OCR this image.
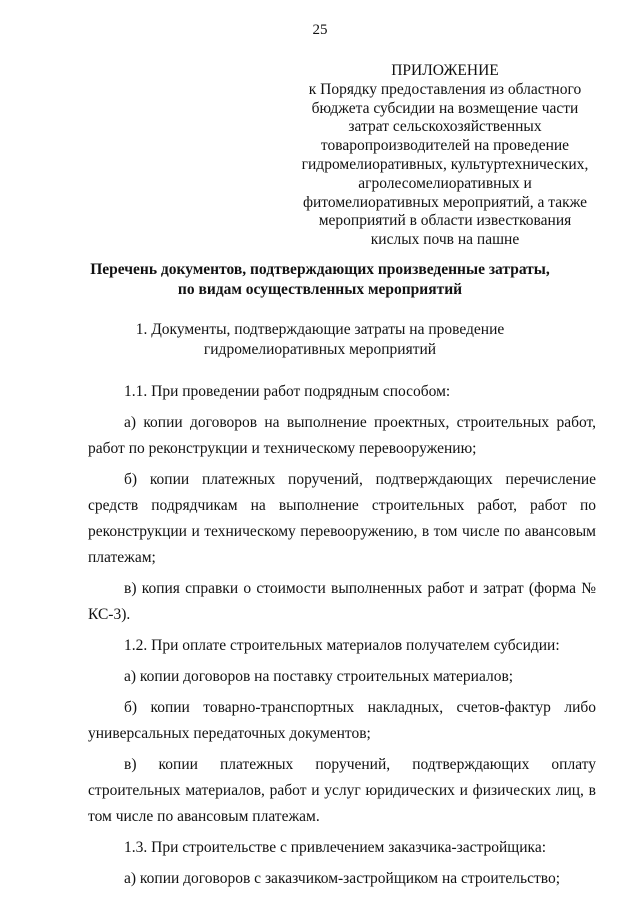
25
ПРИЛОЖЕНИЕ
к Порядку предоставления из областного
бюджета субсидии на возмещение части
затрат сельскохозяйственных
товаропроизводителей на проведение
гидромелиоративных, культуртехнических,
агролесомелиоративных и
фитомелиоративных мероприятий, а также
мероприятий в области известкования
кислых почв на пашне
Перечень документов, подтверждающих произведенные затраты,
по видам осуществленных мероприятий
1. Документы, подтверждающие затраты на проведение
гидромелиоративных мероприятий

1.1. При проведении работ подрядным способом:

а) копии договоров на выполнение проектных, строительных работ, работ по реконструкции и техническому перевооружению;

б) копии платежных поручений, подтверждающих перечисление средств подрядчикам на выполнение строительных работ, работ по реконструкции и техническому перевооружению, в том числе по авансовым платежам;

в) копия справки о стоимости выполненных работ и затрат (форма № КС-3).

1.2. При оплате строительных материалов получателем субсидии:

а) копии договоров на поставку строительных материалов;

б) копии товарно-транспортных накладных, счетов-фактур либо универсальных передаточных документов;

в) копии платежных поручений, подтверждающих оплату строительных материалов, работ и услуг юридических и физических лиц, в том числе по авансовым платежам.

1.3. При строительстве с привлечением заказчика-застройщика:

а) копии договоров с заказчиком-застройщиком на строительство;
